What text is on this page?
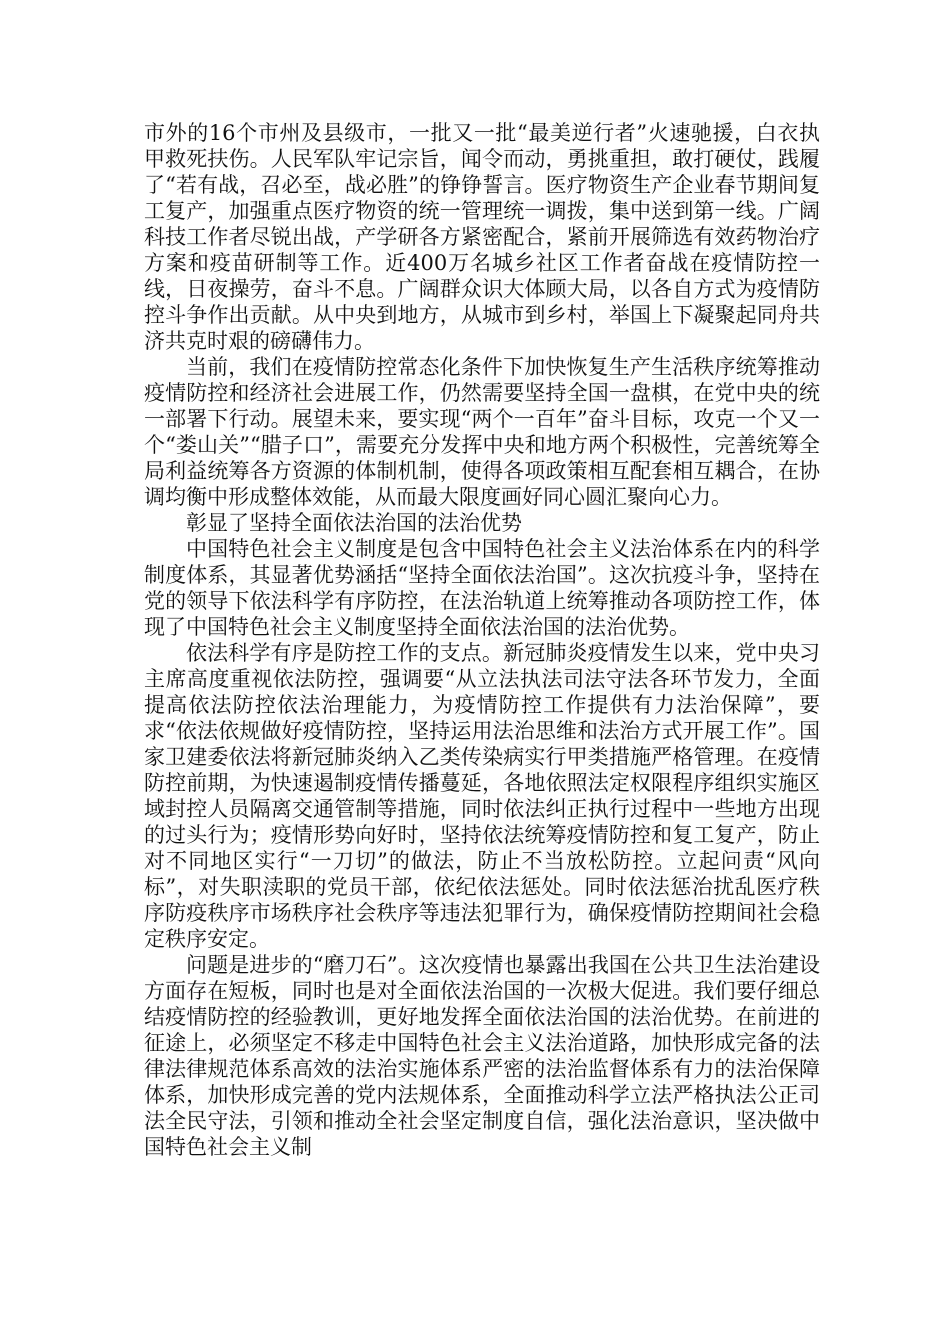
市外的16个市州及县级市，一批又一批“最美逆行者”火速驰援，白衣执甲救死扶伤。人民军队牢记宗旨，闻令而动，勇挑重担，敢打硬仗，践履了“若有战，召必至，战必胜”的铮铮誓言。医疗物资生产企业春节期间复工复产，加强重点医疗物资的统一管理统一调拨，集中送到第一线。广阔科技工作者尽锐出战，产学研各方紧密配合，紧前开展筛选有效药物治疗方案和疫苗研制等工作。近400万名城乡社区工作者奋战在疫情防控一线，日夜操劳，奋斗不息。广阔群众识大体顾大局，以各自方式为疫情防控斗争作出贡献。从中央到地方，从城市到乡村，举国上下凝聚起同舟共济共克时艰的磅礴伟力。

当前，我们在疫情防控常态化条件下加快恢复生产生活秩序统筹推动疫情防控和经济社会进展工作，仍然需要坚持全国一盘棋，在党中央的统一部署下行动。展望未来，要实现“两个一百年”奋斗目标，攻克一个又一个“娄山关”“腊子口”，需要充分发挥中央和地方两个积极性，完善统筹全局利益统筹各方资源的体制机制，使得各项政策相互配套相互耦合，在协调均衡中形成整体效能，从而最大限度画好同心圆汇聚向心力。

彰显了坚持全面依法治国的法治优势

中国特色社会主义制度是包含中国特色社会主义法治体系在内的科学制度体系，其显著优势涵括“坚持全面依法治国”。这次抗疫斗争，坚持在党的领导下依法科学有序防控，在法治轨道上统筹推动各项防控工作，体现了中国特色社会主义制度坚持全面依法治国的法治优势。

依法科学有序是防控工作的支点。新冠肺炎疫情发生以来，党中央习主席高度重视依法防控，强调要“从立法执法司法守法各环节发力，全面提高依法防控依法治理能力，为疫情防控工作提供有力法治保障”，要求“依法依规做好疫情防控，坚持运用法治思维和法治方式开展工作”。国家卫建委依法将新冠肺炎纳入乙类传染病实行甲类措施严格管理。在疫情防控前期，为快速遏制疫情传播蔓延，各地依照法定权限程序组织实施区域封控人员隔离交通管制等措施，同时依法纠正执行过程中一些地方出现的过头行为；疫情形势向好时，坚持依法统筹疫情防控和复工复产，防止对不同地区实行“一刀切”的做法，防止不当放松防控。立起问责“风向标”，对失职渎职的党员干部，依纪依法惩处。同时依法惩治扰乱医疗秩序防疫秩序市场秩序社会秩序等违法犯罪行为，确保疫情防控期间社会稳定秩序安定。

问题是进步的“磨刀石”。这次疫情也暴露出我国在公共卫生法治建设方面存在短板，同时也是对全面依法治国的一次极大促进。我们要仔细总结疫情防控的经验教训，更好地发挥全面依法治国的法治优势。在前进的征途上，必须坚定不移走中国特色社会主义法治道路，加快形成完备的法律法律规范体系高效的法治实施体系严密的法治监督体系有力的法治保障体系，加快形成完善的党内法规体系，全面推动科学立法严格执法公正司法全民守法，引领和推动全社会坚定制度自信，强化法治意识，坚决做中国特色社会主义制
